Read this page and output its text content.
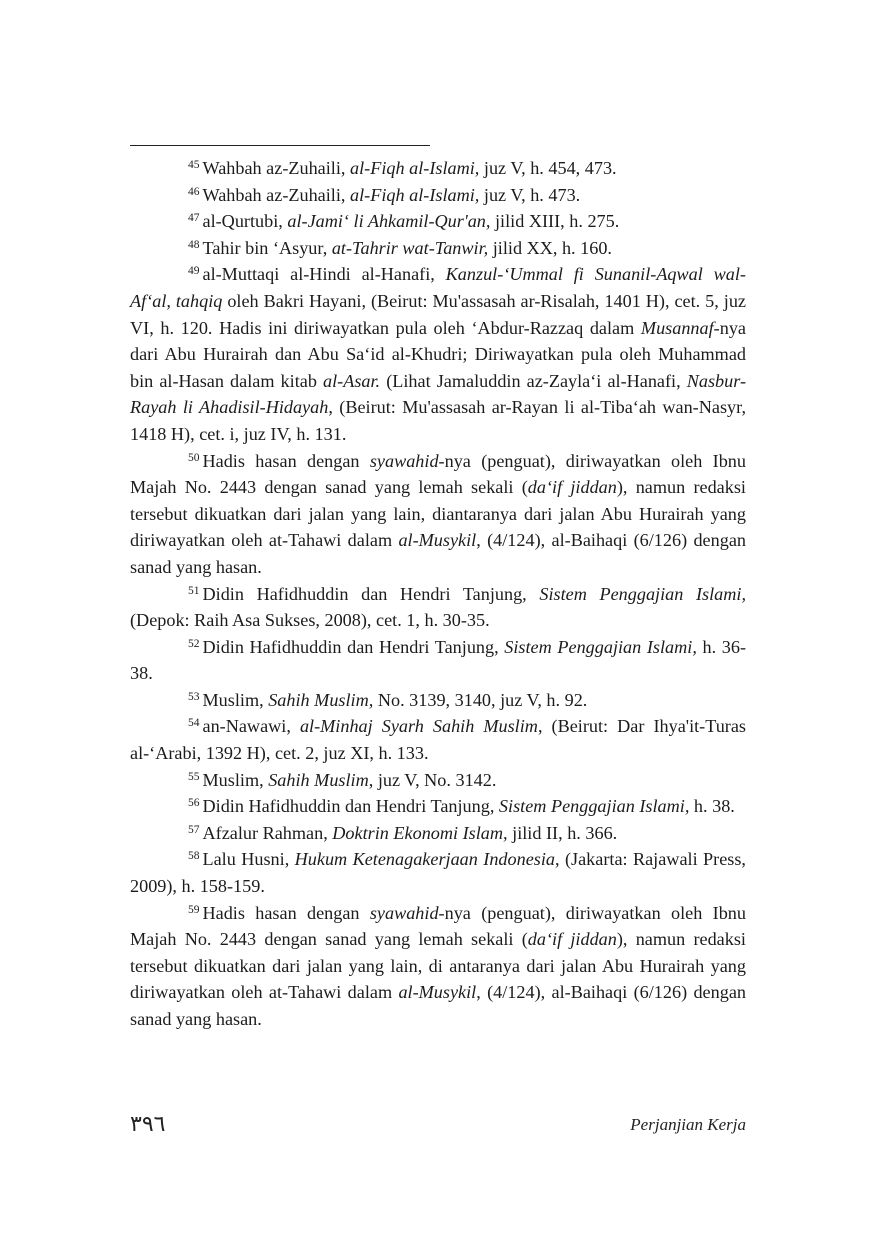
$^{45}$ Wahbah az-Zuhaili, al-Fiqh al-Islami, juz V, h. 454, 473.

$^{46}$ Wahbah az-Zuhaili, al-Fiqh al-Islami, juz V, h. 473.

$^{47}$ al-Qurtubi, al-Jami‘ li Ahkamil-Qur'an, jilid XIII, h. 275.

$^{48}$ Tahir bin ‘Asyur, at-Tahrir wat-Tanwir, jilid XX, h. 160.

$^{49}$ al-Muttaqi al-Hindi al-Hanafi, Kanzul-‘Ummal fi Sunanil-Aqwal wal-Af‘al, tahqiq oleh Bakri Hayani, (Beirut: Mu'assasah ar-Risalah, 1401 H), cet. 5, juz VI, h. 120. Hadis ini diriwayatkan pula oleh ‘Abdur-Razzaq dalam Musannaf-nya dari Abu Hurairah dan Abu Sa‘id al-Khudri; Diriwayatkan pula oleh Muhammad bin al-Hasan dalam kitab al-Asar. (Lihat Jamaluddin az-Zayla‘i al-Hanafi, Nasbur-Rayah li Ahadisil-Hidayah, (Beirut: Mu'assasah ar-Rayan li al-Tiba‘ah wan-Nasyr, 1418 H), cet. i, juz IV, h. 131.

$^{50}$ Hadis hasan dengan syawahid-nya (penguat), diriwayatkan oleh Ibnu Majah No. 2443 dengan sanad yang lemah sekali (da‘if jiddan), namun redaksi tersebut dikuatkan dari jalan yang lain, diantaranya dari jalan Abu Hurairah yang diriwayatkan oleh at-Tahawi dalam al-Musykil, (4/124), al-Baihaqi (6/126) dengan sanad yang hasan.

$^{51}$ Didin Hafidhuddin dan Hendri Tanjung, Sistem Penggajian Islami, (Depok: Raih Asa Sukses, 2008), cet. 1, h. 30-35.

$^{52}$ Didin Hafidhuddin dan Hendri Tanjung, Sistem Penggajian Islami, h. 36-38.

$^{53}$ Muslim, Sahih Muslim, No. 3139, 3140, juz V, h. 92.

$^{54}$ an-Nawawi, al-Minhaj Syarh Sahih Muslim, (Beirut: Dar Ihya'it-Turas al-‘Arabi, 1392 H), cet. 2, juz XI, h. 133.

$^{55}$ Muslim, Sahih Muslim, juz V, No. 3142.

$^{56}$ Didin Hafidhuddin dan Hendri Tanjung, Sistem Penggajian Islami, h. 38.

$^{57}$ Afzalur Rahman, Doktrin Ekonomi Islam, jilid II, h. 366.

$^{58}$ Lalu Husni, Hukum Ketenagakerjaan Indonesia, (Jakarta: Rajawali Press, 2009), h. 158-159.

$^{59}$ Hadis hasan dengan syawahid-nya (penguat), diriwayatkan oleh Ibnu Majah No. 2443 dengan sanad yang lemah sekali (da‘if jiddan), namun redaksi tersebut dikuatkan dari jalan yang lain, di antaranya dari jalan Abu Hurairah yang diriwayatkan oleh at-Tahawi dalam al-Musykil, (4/124), al-Baihaqi (6/126) dengan sanad yang hasan.

٣٩٦	Perjanjian Kerja
